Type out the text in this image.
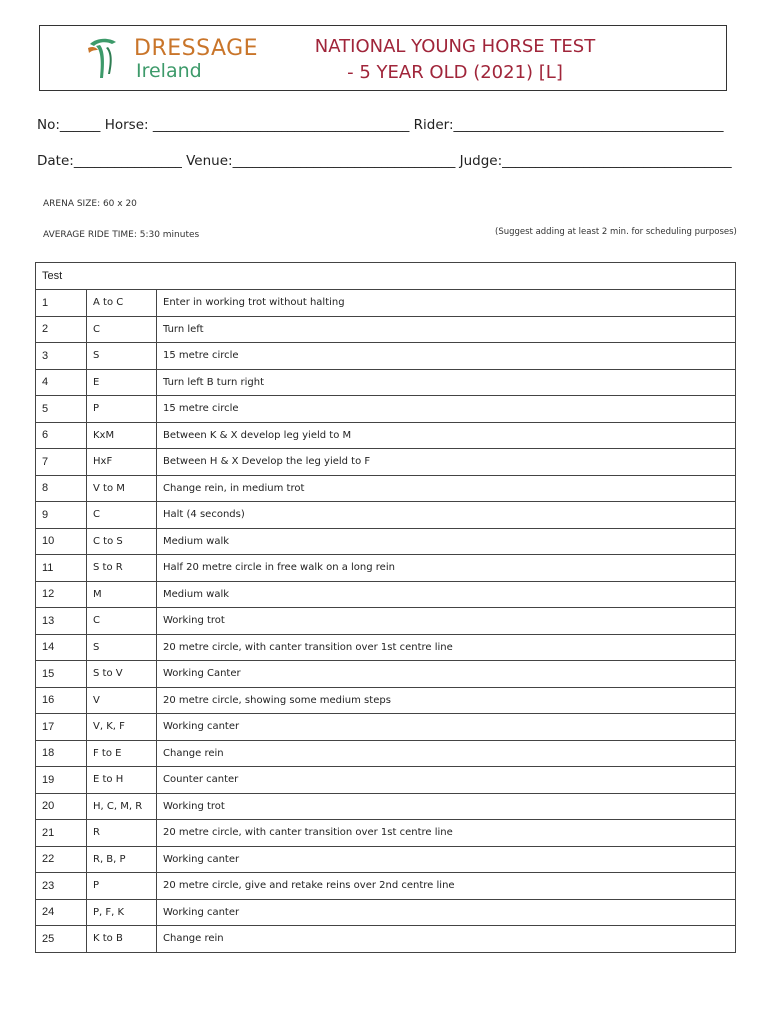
DRESSAGE
Ireland
NATIONAL YOUNG HORSE TEST
- 5 YEAR OLD (2021) [L]
No:______ Horse: ______________________________________ Rider:________________________________________
Date:________________ Venue:_________________________________ Judge:__________________________________
ARENA SIZE: 60 x 20
AVERAGE RIDE TIME: 5:30 minutes	(Suggest adding at least 2 min. for scheduling purposes)
Test		
1	A to C	Enter in working trot without halting
2	C	Turn left
3	S	15 metre circle
4	E	Turn left B turn right
5	P	15 metre circle
6	KxM	Between K & X develop leg yield to M
7	HxF	Between H & X Develop the leg yield to F
8	V to M	Change rein, in medium trot
9	C	Halt (4 seconds)
10	C to S	Medium walk
11	S to R	Half 20 metre circle in free walk on a long rein
12	M	Medium walk
13	C	Working trot
14	S	20 metre circle, with canter transition over 1st centre line
15	S to V	Working Canter
16	V	20 metre circle, showing some medium steps
17	V, K, F	Working canter
18	F to E	Change rein
19	E to H	Counter canter
20	H, C, M, R	Working trot
21	R	20 metre circle, with canter transition over 1st centre line
22	R, B, P	Working canter
23	P	20 metre circle, give and retake reins over 2nd centre line
24	P, F, K	Working canter
25	K to B	Change rein
